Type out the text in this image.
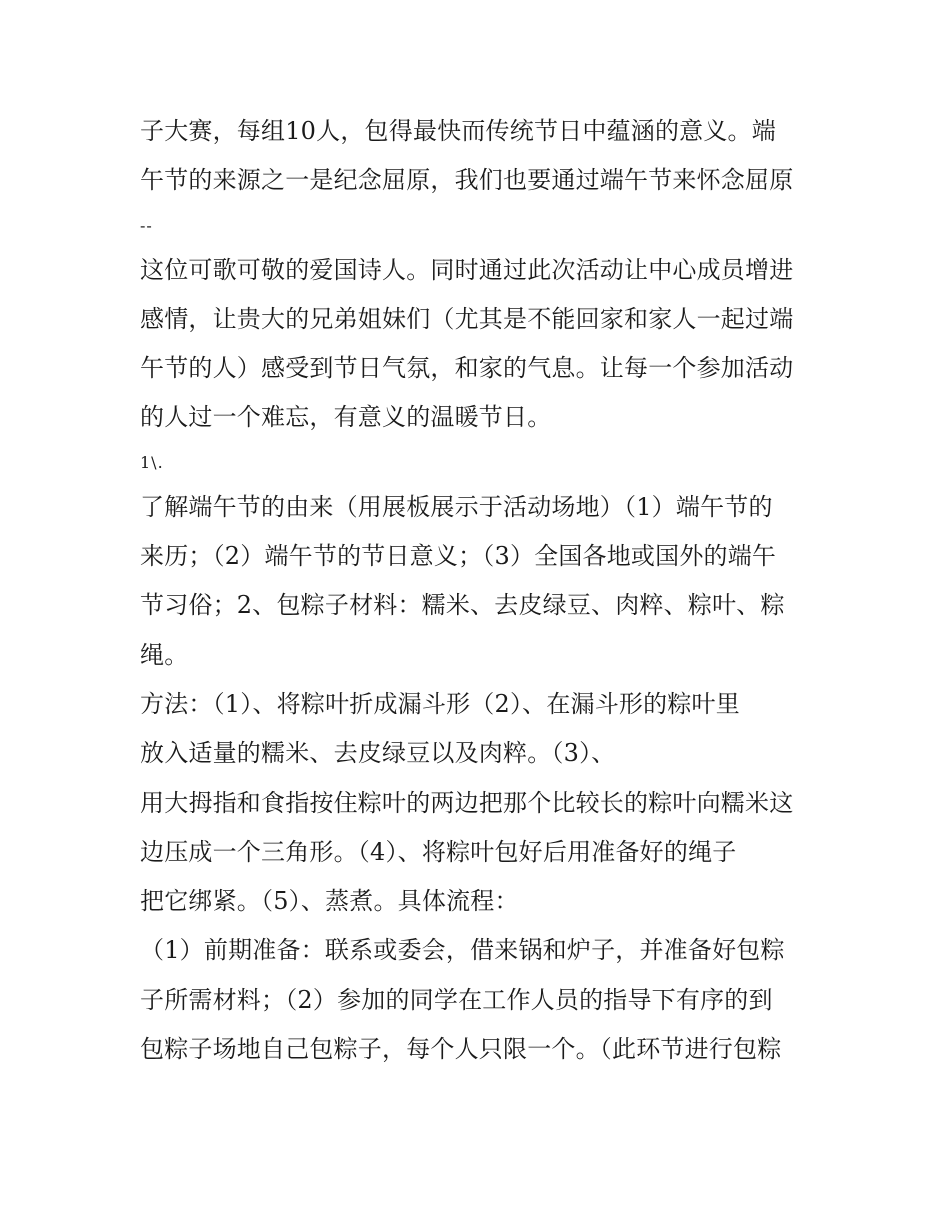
子大赛，每组10人，包得最快而传统节日中蕴涵的意义。端
午节的来源之一是纪念屈原，我们也要通过端午节来怀念屈原
--
这位可歌可敬的爱国诗人。同时通过此次活动让中心成员增进
感情，让贵大的兄弟姐妹们（尤其是不能回家和家人一起过端
午节的人）感受到节日气氛，和家的气息。让每一个参加活动
的人过一个难忘，有意义的温暖节日。
1\.
了解端午节的由来（用展板展示于活动场地）（1）端午节的
来历；（2）端午节的节日意义；（3）全国各地或国外的端午
节习俗；2、包粽子材料：糯米、去皮绿豆、肉粹、粽叶、粽
绳。
方法：（1）、将粽叶折成漏斗形（2）、在漏斗形的粽叶里
放入适量的糯米、去皮绿豆以及肉粹。（3）、
用大拇指和食指按住粽叶的两边把那个比较长的粽叶向糯米这
边压成一个三角形。（4）、将粽叶包好后用准备好的绳子
把它绑紧。（5）、蒸煮。具体流程：
（1）前期准备：联系或委会，借来锅和炉子，并准备好包粽
子所需材料；（2）参加的同学在工作人员的指导下有序的到
包粽子场地自己包粽子，每个人只限一个。（此环节进行包粽
